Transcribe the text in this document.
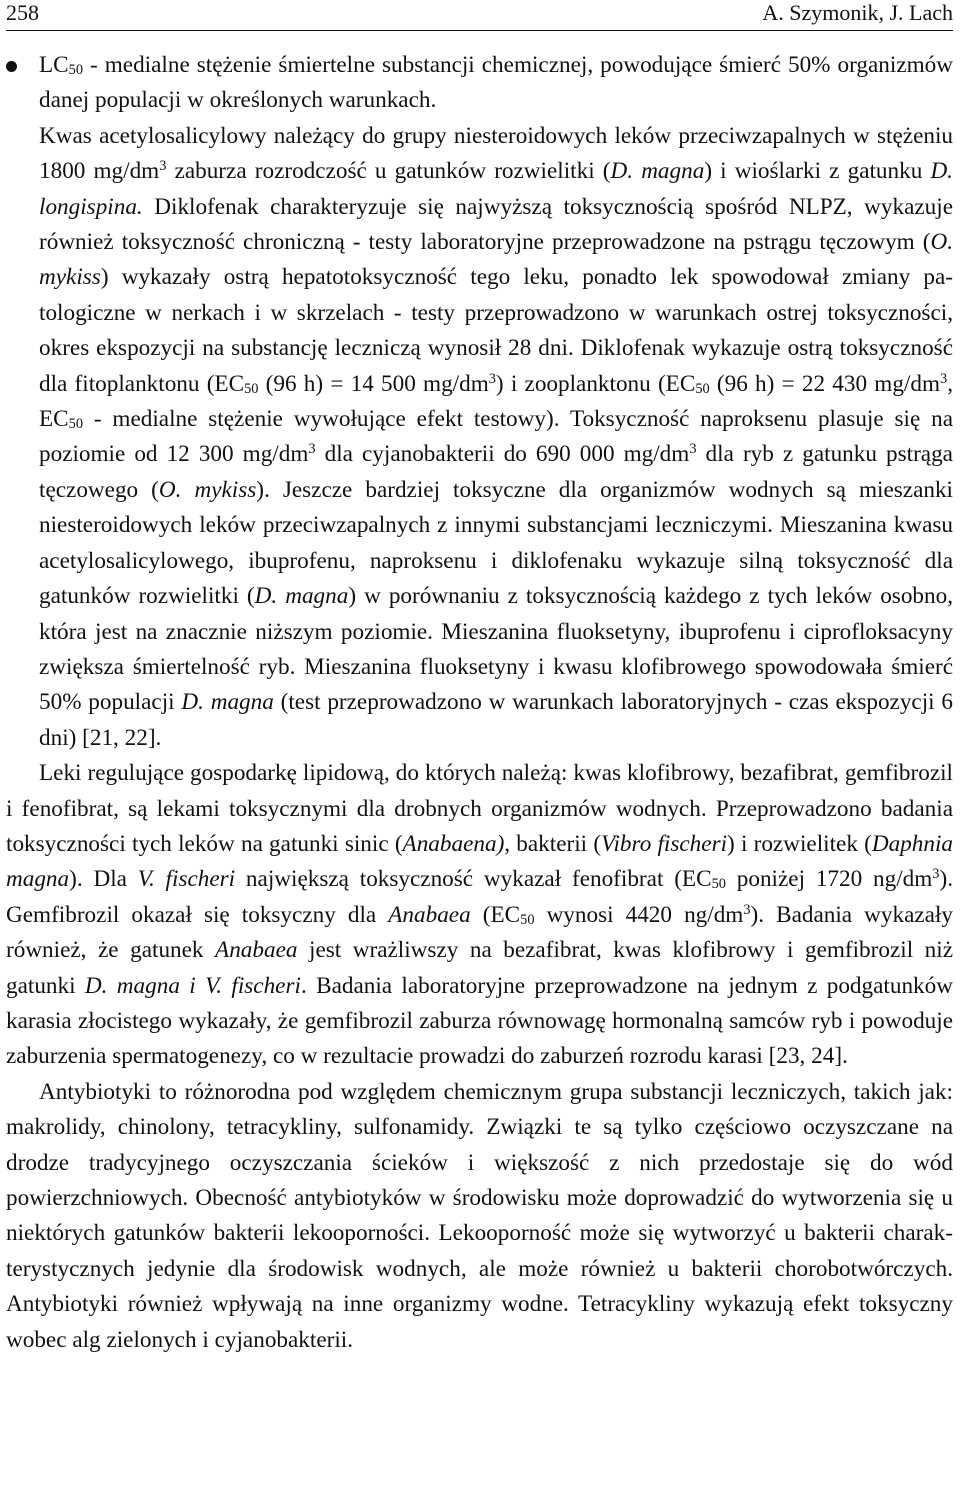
258	A. Szymonik, J. Lach

$LC_{50}$ - medialne stężenie śmiertelne substancji chemicznej, powodujące śmierć 50% organizmów danej populacji w określonych warunkach.

Kwas acetylosalicylowy należący do grupy niesteroidowych leków przeciwzapalnych w stężeniu 1800 $mg/dm^3$ zaburza rozrodczość u gatunków rozwielitki (D. magna) i wioślarki z gatunku D. longispina. Diklofenak charakteryzuje się najwyższą toksycznością spośród NLPZ, wykazuje również toksyczność chroniczną - testy laboratoryjne przeprowadzone na pstrągu tęczowym (O. mykiss) wykazały ostrą hepatotoksyczność tego leku, ponadto lek spowodował zmiany patologiczne w nerkach i w skrzelach - testy przeprowadzono w warunkach ostrej toksyczności, okres ekspozycji na substancję leczniczą wynosił 28 dni. Diklofenak wykazuje ostrą toksyczność dla fitoplanktonu ($EC_{50}$ (96 h) = 14 500 $mg/dm^3$) i zooplanktonu ($EC_{50}$ (96 h) = 22 430 $mg/dm^3$, $EC_{50}$ - medialne stężenie wywołujące efekt testowy). Toksyczność naproksenu plasuje się na poziomie od 12 300 $mg/dm^3$ dla cyjanobakterii do 690 000 $mg/dm^3$ dla ryb z gatunku pstrąga tęczowego (O. mykiss). Jeszcze bardziej toksyczne dla organizmów wodnych są mieszanki niesteroidowych leków przeciwzapalnych z innymi substancjami leczniczymi. Mieszanina kwasu acetylosalicylowego, ibuprofenu, naproksenu i diklofenaku wykazuje silną toksyczność dla gatunków rozwielitki (D. magna) w porównaniu z toksycznością każdego z tych leków osobno, która jest na znacznie niższym poziomie. Mieszanina fluoksetyny, ibuprofenu i ciprofloksacyny zwiększa śmiertelność ryb. Mieszanina fluoksetyny i kwasu klofibrowego spowodowała śmierć 50% populacji D. magna (test przeprowadzono w warunkach laboratoryjnych - czas ekspozycji 6 dni) [21, 22].

Leki regulujące gospodarkę lipidową, do których należą: kwas klofibrowy, bezafibrat, gemfibrozil i fenofibrat, są lekami toksycznymi dla drobnych organizmów wodnych. Przeprowadzono badania toksyczności tych leków na gatunki sinic (Anabaena), bakterii (Vibro fischeri) i rozwielitek (Daphnia magna). Dla V. fischeri największą toksyczność wykazał fenofibrat ($EC_{50}$ poniżej 1720 $ng/dm^3$). Gemfibrozil okazał się toksyczny dla Anabaea ($EC_{50}$ wynosi 4420 $ng/dm^3$). Badania wykazały również, że gatunek Anabaea jest wrażliwszy na bezafibrat, kwas klofibrowy i gemfibrozil niż gatunki D. magna i V. fischeri. Badania laboratoryjne przeprowadzone na jednym z podgatunków karasia złocistego wykazały, że gemfibrozil zaburza równowagę hormonalną samców ryb i powoduje zaburzenia spermatogenezy, co w rezultacie prowadzi do zaburzeń rozrodu karasi [23, 24].

Antybiotyki to różnorodna pod względem chemicznym grupa substancji leczniczych, takich jak: makrolidy, chinolony, tetracykliny, sulfonamidy. Związki te są tylko częściowo oczyszczane na drodze tradycyjnego oczyszczania ścieków i większość z nich przedostaje się do wód powierzchniowych. Obecność antybiotyków w środowisku może doprowadzić do wytworzenia się u niektórych gatunków bakterii lekooporności. Lekooporność może się wytworzyć u bakterii charakterystycznych jedynie dla środowisk wodnych, ale może również u bakterii chorobotwórczych. Antybiotyki również wpływają na inne organizmy wodne. Tetracykliny wykazują efekt toksyczny wobec alg zielonych i cyjanobakterii.
